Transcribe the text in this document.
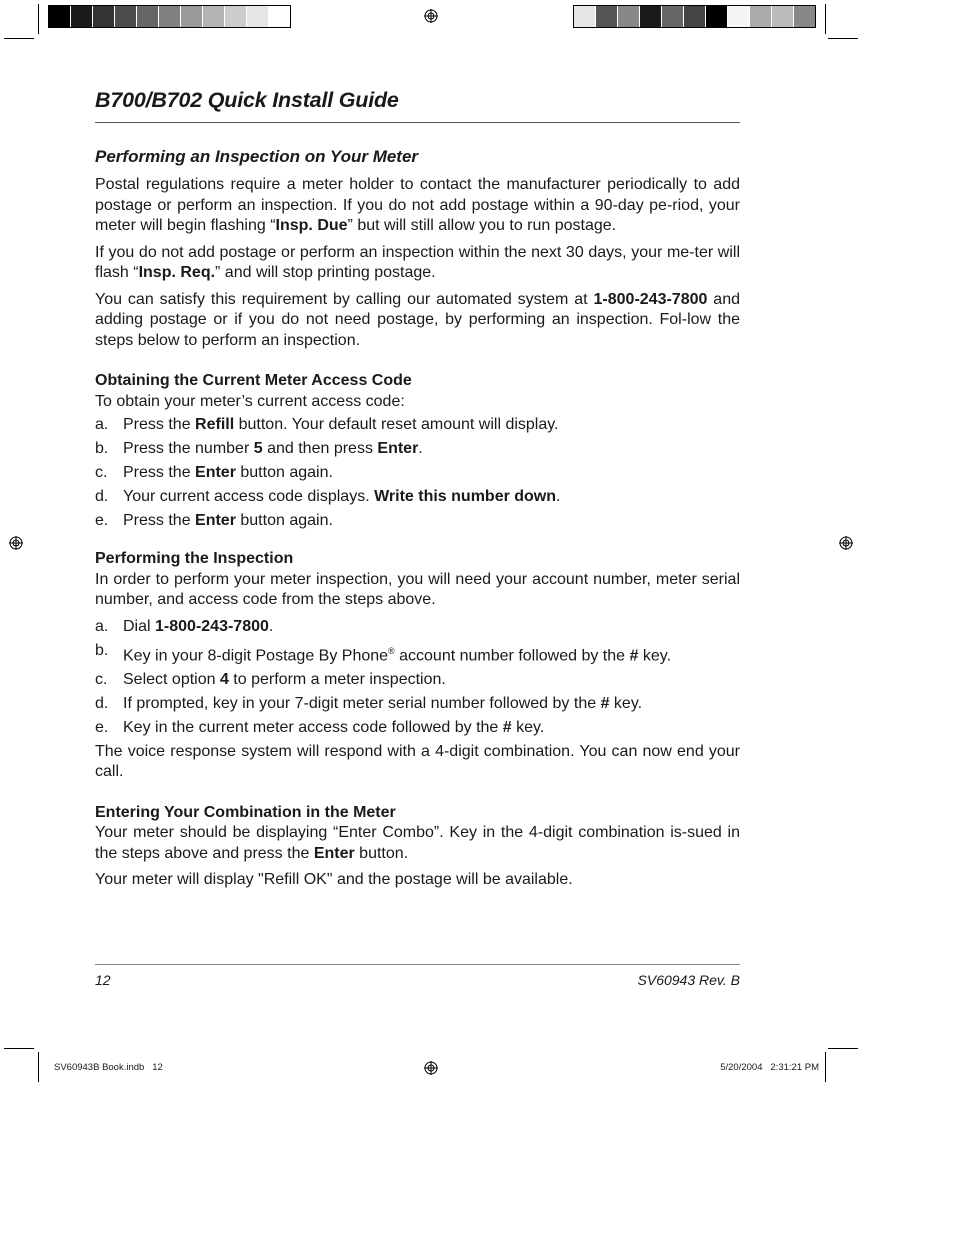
B700/B702 Quick Install Guide
Performing an Inspection on Your Meter

Postal regulations require a meter holder to contact the manufacturer periodically to add postage or perform an inspection. If you do not add postage within a 90-day pe-riod, your meter will begin flashing “Insp. Due” but will still allow you to run postage.

If you do not add postage or perform an inspection within the next 30 days, your me-ter will flash “Insp. Req.” and will stop printing postage.

You can satisfy this requirement by calling our automated system at 1-800-243-7800 and adding postage or if you do not need postage, by performing an inspection. Fol-low the steps below to perform an inspection.

Obtaining the Current Meter Access Code

To obtain your meter’s current access code:

a. Press the Refill button. Your default reset amount will display.
b. Press the number 5 and then press Enter.
c. Press the Enter button again.
d. Your current access code displays. Write this number down.
e. Press the Enter button again.
Performing the Inspection

In order to perform your meter inspection, you will need your account number, meter serial number, and access code from the steps above.

a. Dial 1-800-243-7800.
b. Key in your 8-digit Postage By Phone® account number followed by the # key.
c. Select option 4 to perform a meter inspection.
d. If prompted, key in your 7-digit meter serial number followed by the # key.
e. Key in the current meter access code followed by the # key.

The voice response system will respond with a 4-digit combination. You can now end your call.

Entering Your Combination in the Meter

Your meter should be displaying “Enter Combo”. Key in the 4-digit combination is-sued in the steps above and press the Enter button.

Your meter will display "Refill OK" and the postage will be available.

12	SV60943 Rev. B
SV60943B Book.indb   12	5/20/2004   2:31:21 PM
